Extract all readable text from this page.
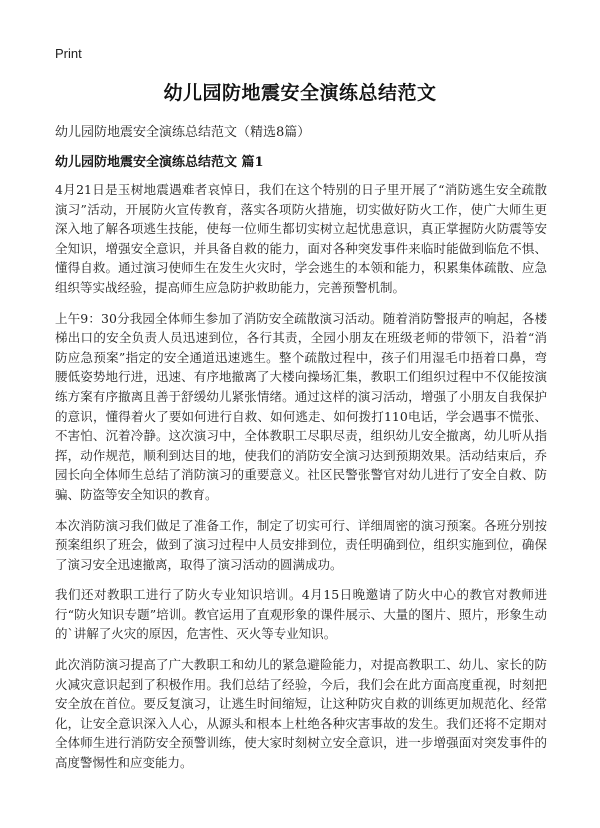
Print
幼儿园防地震安全演练总结范文
幼儿园防地震安全演练总结范文（精选8篇）
幼儿园防地震安全演练总结范文 篇1

4月21日是玉树地震遇难者哀悼日，我们在这个特别的日子里开展了“消防逃生安全疏散演习”活动，开展防火宣传教育，落实各项防火措施，切实做好防火工作，使广大师生更深入地了解各项逃生技能，使每一位师生都切实树立起忧患意识，真正掌握防火防震等安全知识，增强安全意识，并具备自救的能力，面对各种突发事件来临时能做到临危不惧、懂得自救。通过演习使师生在发生火灾时，学会逃生的本领和能力，积累集体疏散、应急组织等实战经验，提高师生应急防护救助能力，完善预警机制。

上午9：30分我园全体师生参加了消防安全疏散演习活动。随着消防警报声的响起，各楼梯出口的安全负责人员迅速到位，各行其责，全园小朋友在班级老师的带领下，沿着“消防应急预案”指定的安全通道迅速逃生。整个疏散过程中，孩子们用湿毛巾捂着口鼻，弯腰低姿势地行进，迅速、有序地撤离了大楼向操场汇集，教职工们组织过程中不仅能按演练方案有序撤离且善于舒缓幼儿紧张情绪。通过这样的演习活动，增强了小朋友自我保护的意识，懂得着火了要如何进行自救、如何逃走、如何拨打110电话，学会遇事不慌张、不害怕、沉着冷静。这次演习中，全体教职工尽职尽责，组织幼儿安全撤离，幼儿听从指挥，动作规范，顺利到达目的地，使我们的消防安全演习达到预期效果。活动结束后，乔园长向全体师生总结了消防演习的重要意义。社区民警张警官对幼儿进行了安全自救、防骗、防盗等安全知识的教育。

本次消防演习我们做足了准备工作，制定了切实可行、详细周密的演习预案。各班分别按预案组织了班会，做到了演习过程中人员安排到位，责任明确到位，组织实施到位，确保了演习安全迅速撤离，取得了演习活动的圆满成功。

我们还对教职工进行了防火专业知识培训。4月15日晚邀请了防火中心的教官对教师进行“防火知识专题”培训。教官运用了直观形象的课件展示、大量的图片、照片，形象生动的`讲解了火灾的原因，危害性、灭火等专业知识。

此次消防演习提高了广大教职工和幼儿的紧急避险能力，对提高教职工、幼儿、家长的防火减灾意识起到了积极作用。我们总结了经验，今后，我们会在此方面高度重视，时刻把安全放在首位。要反复演习，让逃生时间缩短，让这种防灾自救的训练更加规范化、经常化，让安全意识深入人心，从源头和根本上杜绝各种灾害事故的发生。我们还将不定期对全体师生进行消防安全预警训练，使大家时刻树立安全意识，进一步增强面对突发事件的高度警惕性和应变能力。
